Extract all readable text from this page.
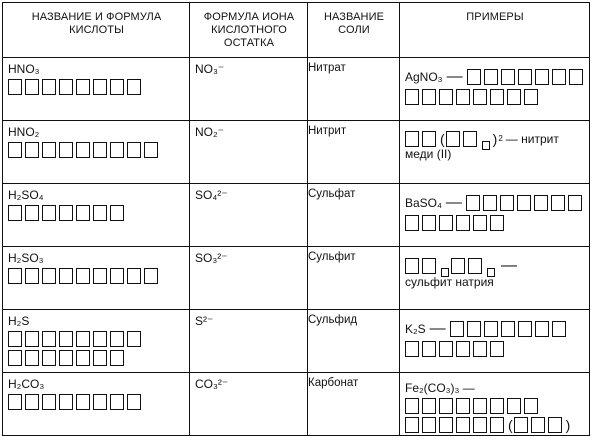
НАЗВАНИЕ И ФОРМУЛА КИСЛОТЫ	ФОРМУЛА ИОНА КИСЛОТНОГО ОСТАТКА	НАЗВАНИЕ СОЛИ	ПРИМЕРЫ

HNO₃	NO₃⁻	Нитрат	AgNO₃ —

HNO₂	NO₂⁻	Нитрит	( ) 2 — нитрит
меди (II)

H₂SO₄	SO₄²⁻	Сульфат	BaSO₄ —

H₂SO₃	SO₃²⁻	Сульфит	—
сульфит натрия

H₂S	S²⁻	Сульфид	K₂S —

H₂CO₃	CO₃²⁻	Карбонат	Fe₂(CO₃)₃ —
( )
